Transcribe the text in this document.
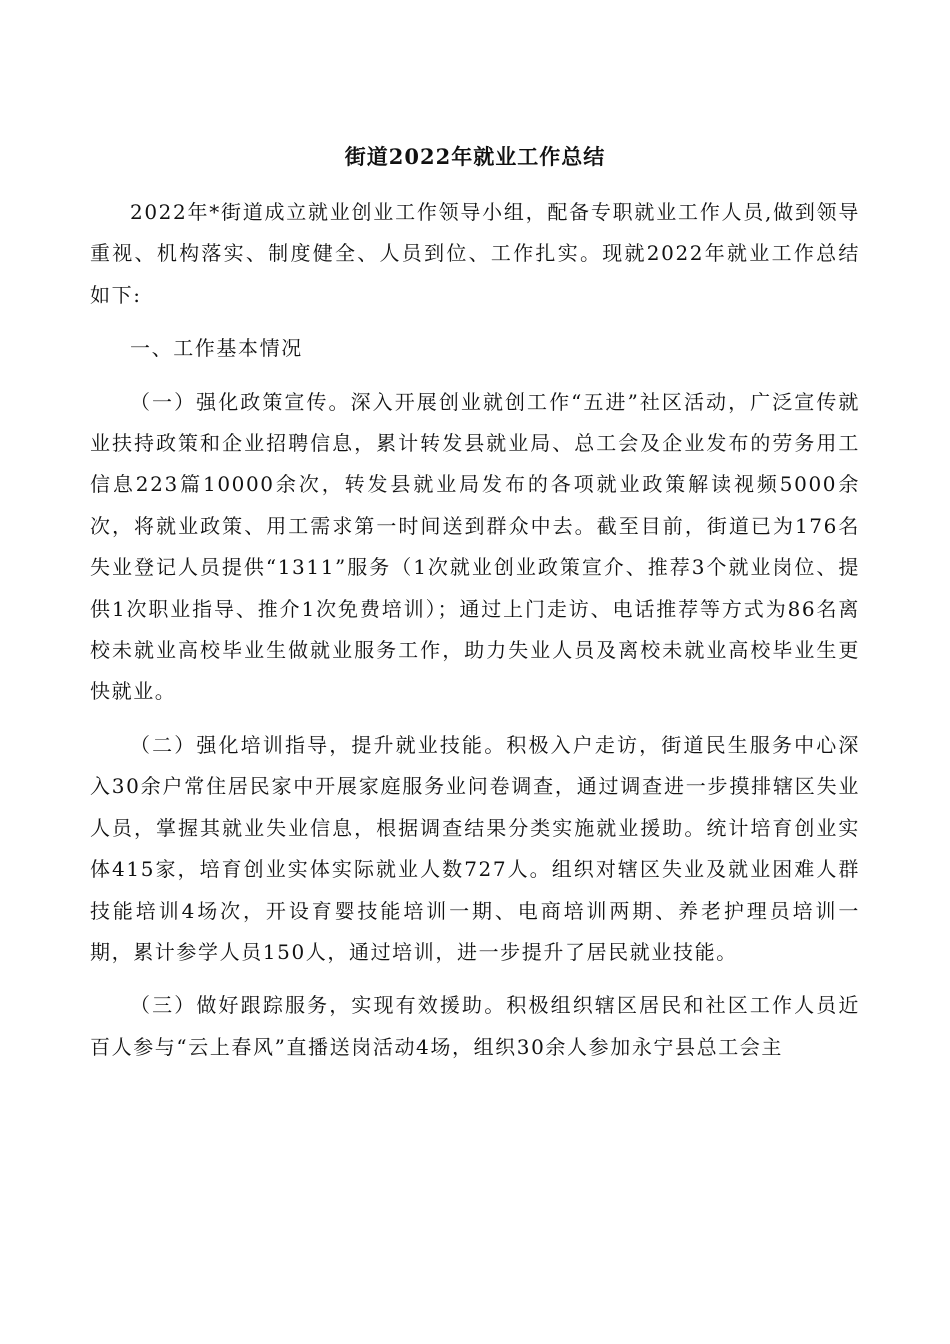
街道2022年就业工作总结

2022年*街道成立就业创业工作领导小组，配备专职就业工作人员,做到领导重视、机构落实、制度健全、人员到位、工作扎实。现就2022年就业工作总结如下:

一、工作基本情况

（一）强化政策宣传。深入开展创业就创工作“五进”社区活动，广泛宣传就业扶持政策和企业招聘信息，累计转发县就业局、总工会及企业发布的劳务用工信息223篇10000余次，转发县就业局发布的各项就业政策解读视频5000余次，将就业政策、用工需求第一时间送到群众中去。截至目前，街道已为176名失业登记人员提供“1311”服务（1次就业创业政策宣介、推荐3个就业岗位、提供1次职业指导、推介1次免费培训）；通过上门走访、电话推荐等方式为86名离校未就业高校毕业生做就业服务工作，助力失业人员及离校未就业高校毕业生更快就业。

（二）强化培训指导，提升就业技能。积极入户走访，街道民生服务中心深入30余户常住居民家中开展家庭服务业问卷调查，通过调查进一步摸排辖区失业人员，掌握其就业失业信息，根据调查结果分类实施就业援助。统计培育创业实体415家，培育创业实体实际就业人数727人。组织对辖区失业及就业困难人群技能培训4场次，开设育婴技能培训一期、电商培训两期、养老护理员培训一期，累计参学人员150人，通过培训，进一步提升了居民就业技能。

（三）做好跟踪服务，实现有效援助。积极组织辖区居民和社区工作人员近百人参与“云上春风”直播送岗活动4场，组织30余人参加永宁县总工会主
